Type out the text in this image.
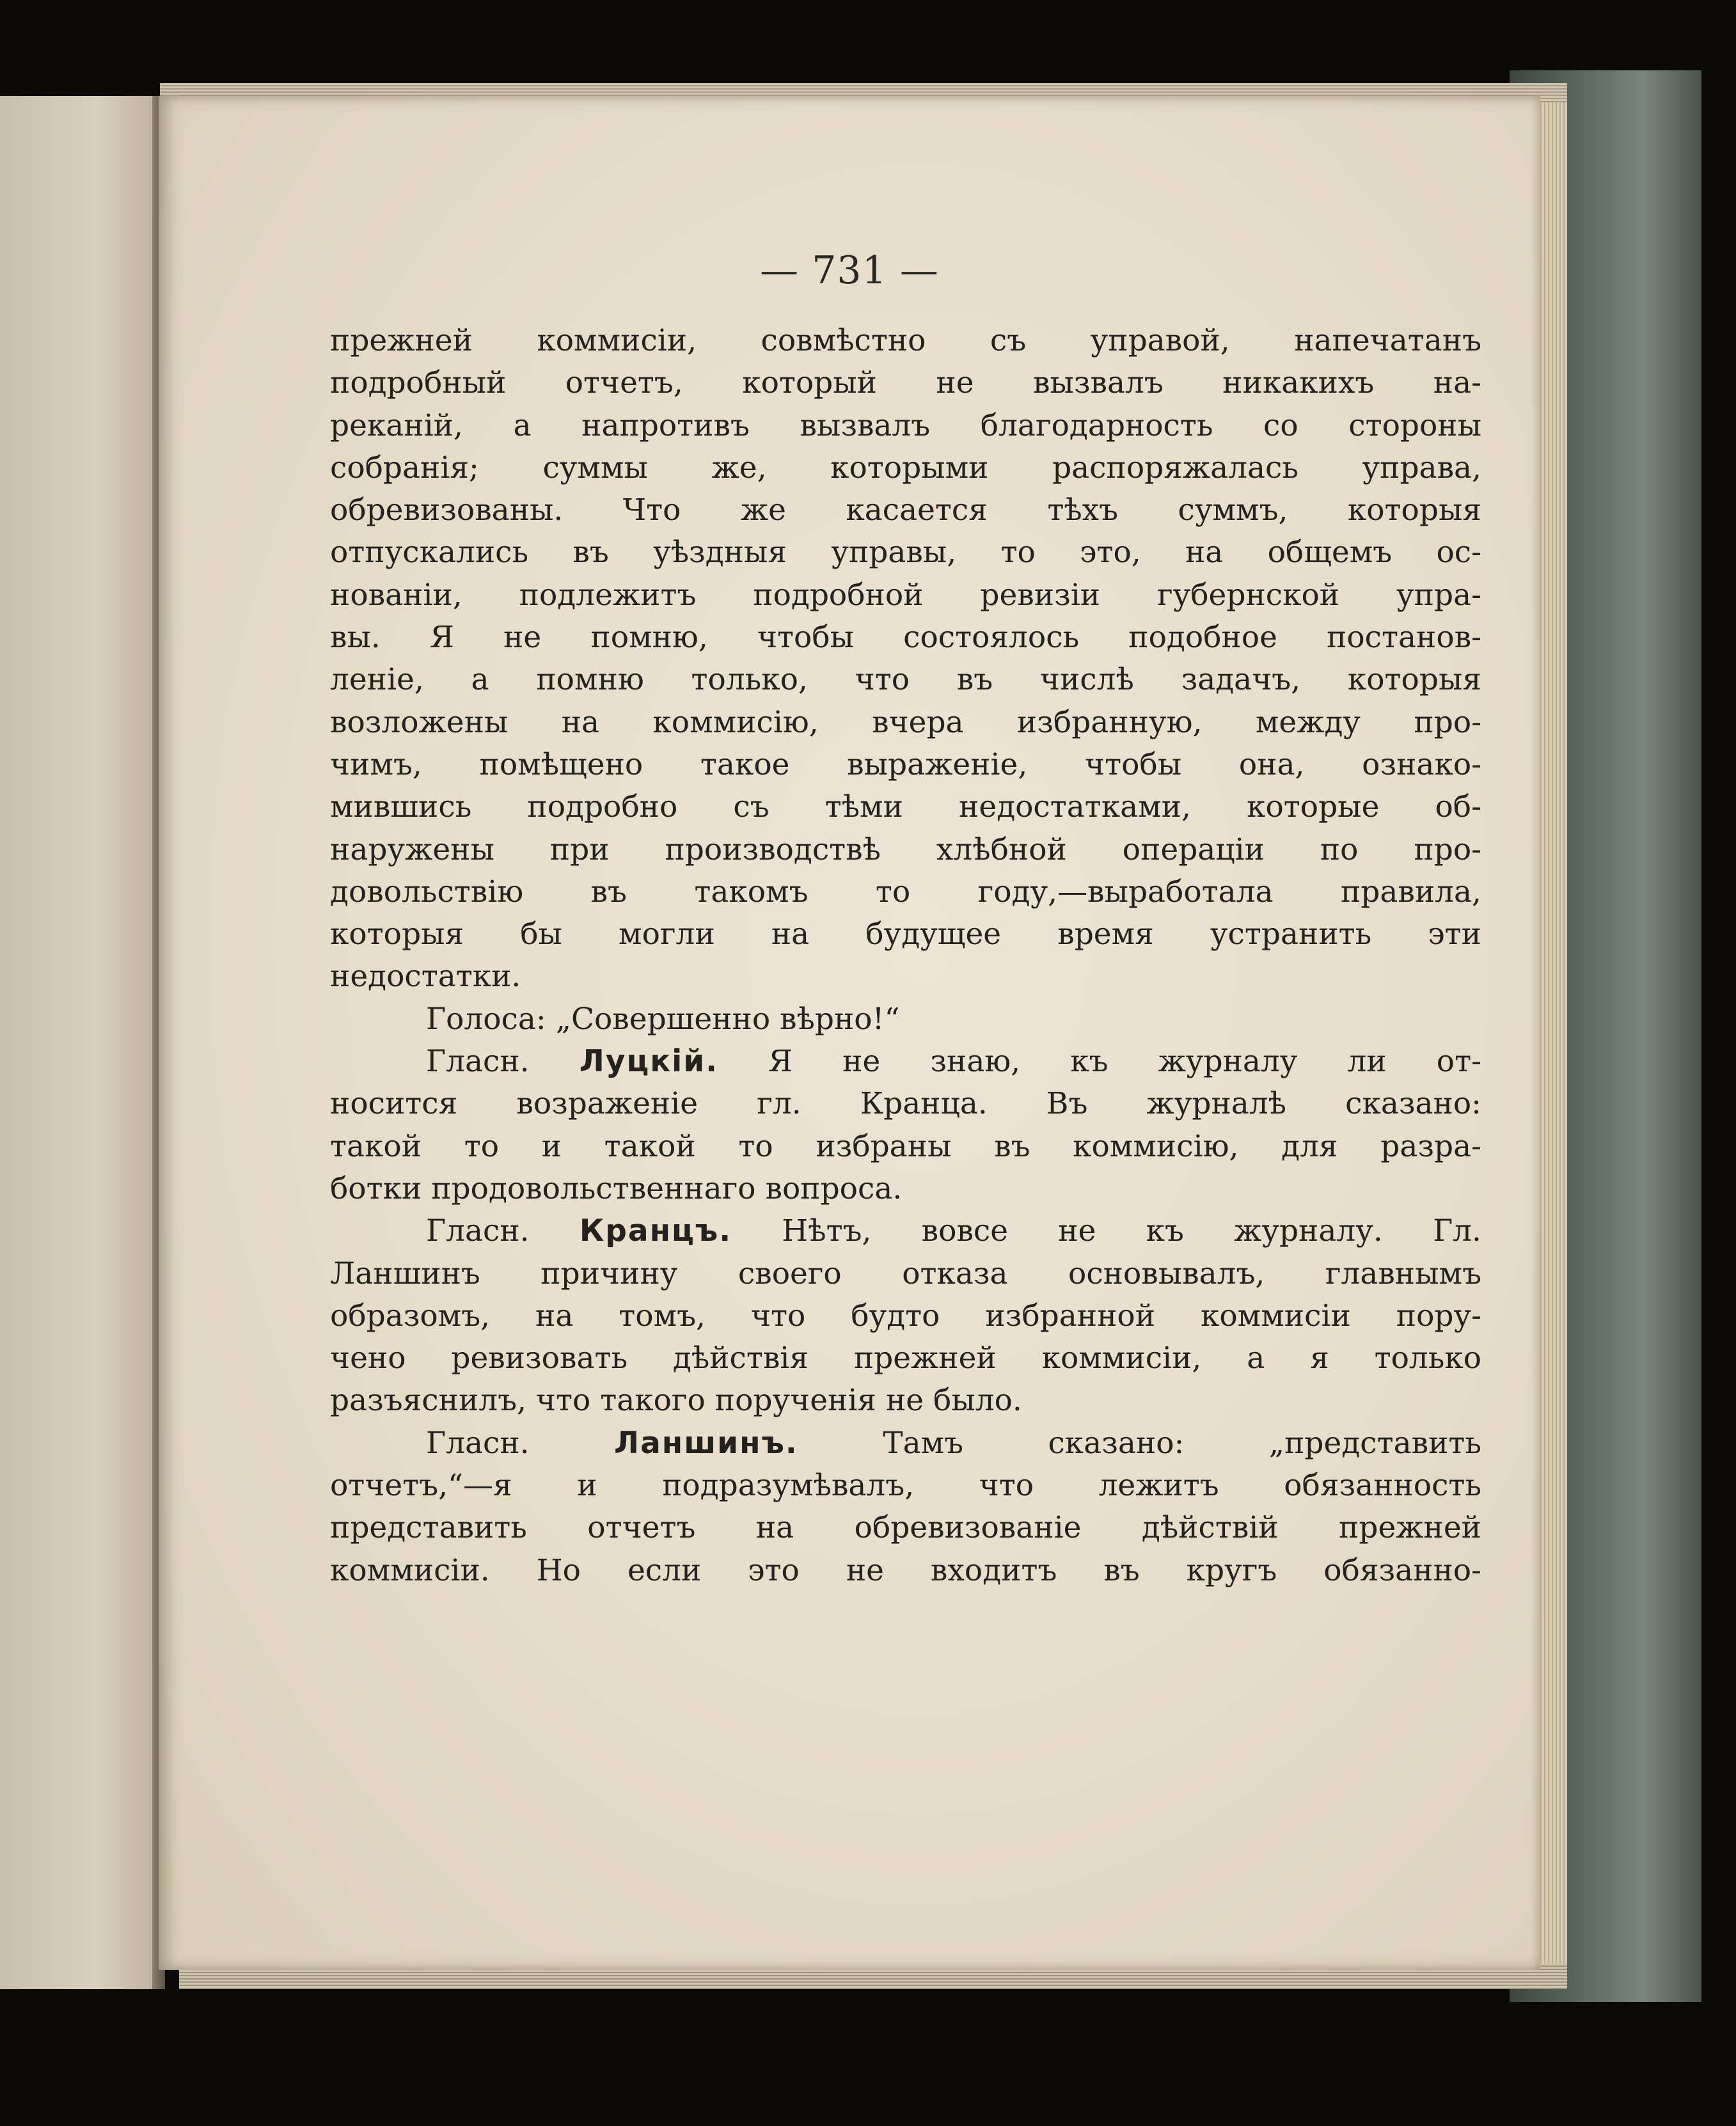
— 731 —
прежней коммисіи, совмѣстно съ управой, напечатанъ
подробный отчетъ, который не вызвалъ никакихъ на-
реканій, а напротивъ вызвалъ благодарность со стороны
собранія; суммы же, которыми распоряжалась управа,
обревизованы. Что же касается тѣхъ суммъ, которыя
отпускались въ уѣздныя управы, то это, на общемъ ос-
нованіи, подлежитъ подробной ревизіи губернской упра-
вы. Я не помню, чтобы состоялось подобное постанов-
леніе, а помню только, что въ числѣ задачъ, которыя
возложены на коммисію, вчера избранную, между про-
чимъ, помѣщено такое выраженіе, чтобы она, ознако-
мившись подробно съ тѣми недостатками, которые об-
наружены при производствѣ хлѣбной операціи по про-
довольствію въ такомъ то году,—выработала правила,
которыя бы могли на будущее время устранить эти
недостатки.
Голоса: „Совершенно вѣрно!“
Гласн. Луцкій. Я не знаю, къ журналу ли от-
носится возраженіе гл. Кранца. Въ журналѣ сказано:
такой то и такой то избраны въ коммисію, для разра-
ботки продовольственнаго вопроса.
Гласн. Кранцъ. Нѣтъ, вовсе не къ журналу. Гл.
Ланшинъ причину своего отказа основывалъ, главнымъ
образомъ, на томъ, что будто избранной коммисіи пору-
чено ревизовать дѣйствія прежней коммисіи, а я только
разъяснилъ, что такого порученія не было.
Гласн.	Ланшинъ.	Тамъ сказано: „представить
отчетъ,“—я и подразумѣвалъ, что лежитъ обязанность
представить отчетъ на обревизованіе дѣйствій прежней
коммисіи. Но если это не входитъ въ кругъ обязанно-
